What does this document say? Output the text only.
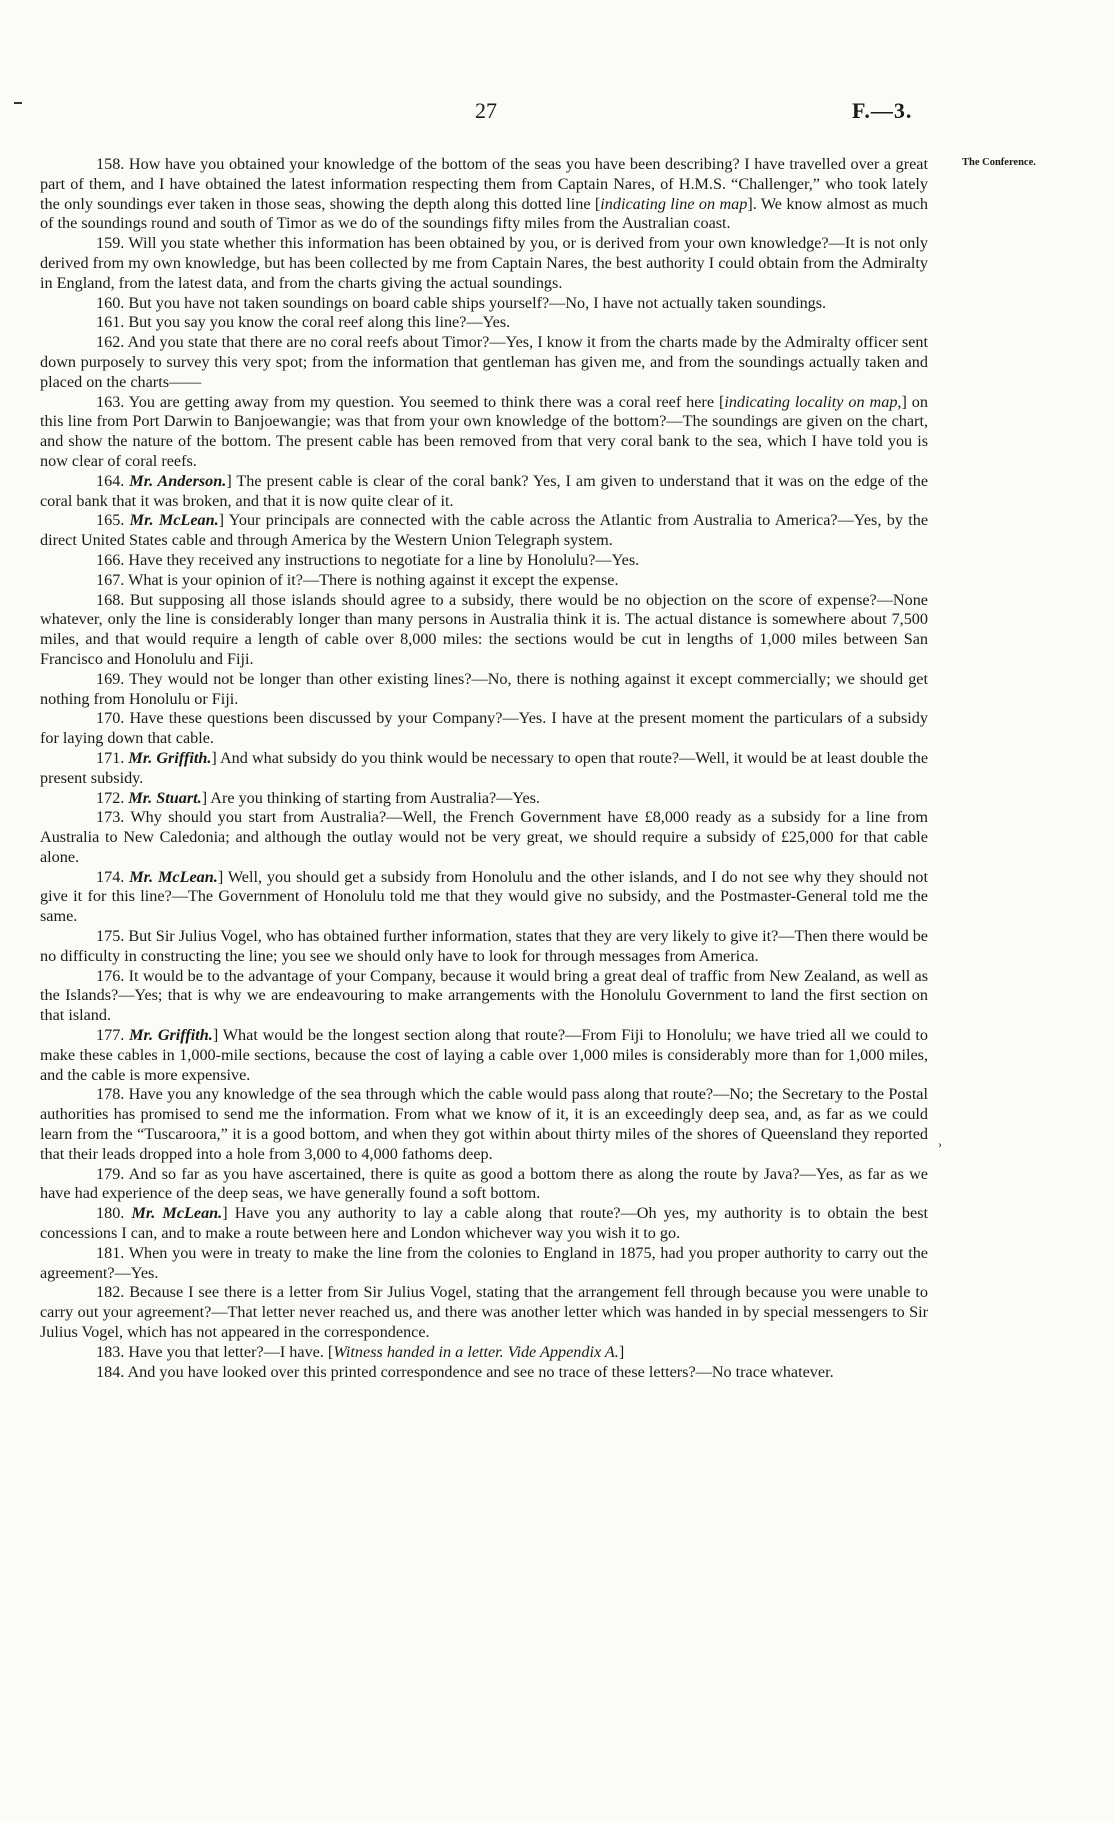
27	F.—3.
The Conference.
›

158. How have you obtained your knowledge of the bottom of the seas you have been describing? I have travelled over a great part of them, and I have obtained the latest information respecting them from Captain Nares, of H.M.S. “Challenger,” who took lately the only soundings ever taken in those seas, showing the depth along this dotted line [indicating line on map]. We know almost as much of the soundings round and south of Timor as we do of the soundings fifty miles from the Australian coast.

159. Will you state whether this information has been obtained by you, or is derived from your own knowledge?—It is not only derived from my own knowledge, but has been collected by me from Captain Nares, the best authority I could obtain from the Admiralty in England, from the latest data, and from the charts giving the actual soundings.

160. But you have not taken soundings on board cable ships yourself?—No, I have not actually taken soundings.

161. But you say you know the coral reef along this line?—Yes.

162. And you state that there are no coral reefs about Timor?—Yes, I know it from the charts made by the Admiralty officer sent down purposely to survey this very spot; from the information that gentleman has given me, and from the soundings actually taken and placed on the charts——

163. You are getting away from my question. You seemed to think there was a coral reef here [indicating locality on map,] on this line from Port Darwin to Banjoewangie; was that from your own knowledge of the bottom?—The soundings are given on the chart, and show the nature of the bottom. The present cable has been removed from that very coral bank to the sea, which I have told you is now clear of coral reefs.

164. Mr. Anderson.] The present cable is clear of the coral bank? Yes, I am given to understand that it was on the edge of the coral bank that it was broken, and that it is now quite clear of it.

165. Mr. McLean.] Your principals are connected with the cable across the Atlantic from Australia to America?—Yes, by the direct United States cable and through America by the Western Union Telegraph system.

166. Have they received any instructions to negotiate for a line by Honolulu?—Yes.

167. What is your opinion of it?—There is nothing against it except the expense.

168. But supposing all those islands should agree to a subsidy, there would be no objection on the score of expense?—None whatever, only the line is considerably longer than many persons in Australia think it is. The actual distance is somewhere about 7,500 miles, and that would require a length of cable over 8,000 miles: the sections would be cut in lengths of 1,000 miles between San Francisco and Honolulu and Fiji.

169. They would not be longer than other existing lines?—No, there is nothing against it except commercially; we should get nothing from Honolulu or Fiji.

170. Have these questions been discussed by your Company?—Yes. I have at the present moment the particulars of a subsidy for laying down that cable.

171. Mr. Griffith.] And what subsidy do you think would be necessary to open that route?—Well, it would be at least double the present subsidy.

172. Mr. Stuart.] Are you thinking of starting from Australia?—Yes.

173. Why should you start from Australia?—Well, the French Government have £8,000 ready as a subsidy for a line from Australia to New Caledonia; and although the outlay would not be very great, we should require a subsidy of £25,000 for that cable alone.

174. Mr. McLean.] Well, you should get a subsidy from Honolulu and the other islands, and I do not see why they should not give it for this line?—The Government of Honolulu told me that they would give no subsidy, and the Postmaster-General told me the same.

175. But Sir Julius Vogel, who has obtained further information, states that they are very likely to give it?—Then there would be no difficulty in constructing the line; you see we should only have to look for through messages from America.

176. It would be to the advantage of your Company, because it would bring a great deal of traffic from New Zealand, as well as the Islands?—Yes; that is why we are endeavouring to make arrangements with the Honolulu Government to land the first section on that island.

177. Mr. Griffith.] What would be the longest section along that route?—From Fiji to Honolulu; we have tried all we could to make these cables in 1,000-mile sections, because the cost of laying a cable over 1,000 miles is considerably more than for 1,000 miles, and the cable is more expensive.

178. Have you any knowledge of the sea through which the cable would pass along that route?—No; the Secretary to the Postal authorities has promised to send me the information. From what we know of it, it is an exceedingly deep sea, and, as far as we could learn from the “Tuscaroora,” it is a good bottom, and when they got within about thirty miles of the shores of Queensland they reported that their leads dropped into a hole from 3,000 to 4,000 fathoms deep.

179. And so far as you have ascertained, there is quite as good a bottom there as along the route by Java?—Yes, as far as we have had experience of the deep seas, we have generally found a soft bottom.

180. Mr. McLean.] Have you any authority to lay a cable along that route?—Oh yes, my authority is to obtain the best concessions I can, and to make a route between here and London whichever way you wish it to go.

181. When you were in treaty to make the line from the colonies to England in 1875, had you proper authority to carry out the agreement?—Yes.

182. Because I see there is a letter from Sir Julius Vogel, stating that the arrangement fell through because you were unable to carry out your agreement?—That letter never reached us, and there was another letter which was handed in by special messengers to Sir Julius Vogel, which has not appeared in the correspondence.

183. Have you that letter?—I have. [Witness handed in a letter. Vide Appendix A.]

184. And you have looked over this printed correspondence and see no trace of these letters?—No trace whatever.
